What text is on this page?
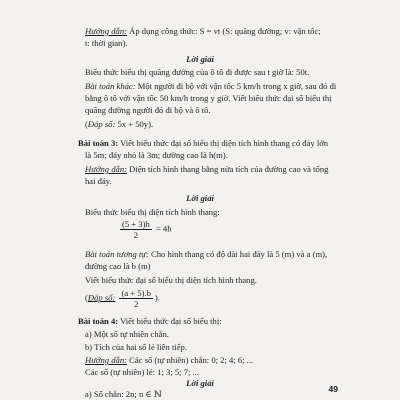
Hướng dẫn: Áp dụng công thức: S = vt (S: quãng đường; v: vận tốc;
t: thời gian).
Lời giải
Biểu thức biểu thị quãng đường của ô tô đi được sau t giờ là: 50t.
Bài toán khác: Một người đi bộ với vận tốc 5 km/h trong x giờ, sau đó đi
bằng ô tô với vận tốc 50 km/h trong y giờ. Viết biểu thức đại số biểu thị
quãng đường người đó đi bộ và ô tô.
(Đáp số: 5x + 50y).
Bài toán 3: Viết biểu thức đại số biểu thị diện tích hình thang có đáy lớn
là 5m; đáy nhỏ là 3m; đường cao là h(m).
Hướng dẫn: Diện tích hình thang bằng nửa tích của đường cao và tổng
hai đáy.
Lời giải
Biểu thức biểu thị diện tích hình thang:
$\frac{(5 + 3)h}{2} = 4h$
Bài toán tương tự: Cho hình thang có độ dài hai đáy là 5 (m) và a (m),
đường cao là b (m)
Viết biểu thức đại số biểu thị diện tích hình thang.
(Đáp số: $\frac{(a + 5).b}{2}$ ).
Bài toán 4: Viết biểu thức đại số biểu thị:
a) Một số tự nhiên chẵn.
b) Tích của hai số lẻ liên tiếp.
Hướng dẫn: Các số (tự nhiên) chẵn: 0; 2; 4; 6; ...
Các số (tự nhiên) lẻ: 1; 3; 5; 7; ...
Lời giải
a) Số chẵn: 2n; n ∈ ℕ	49
